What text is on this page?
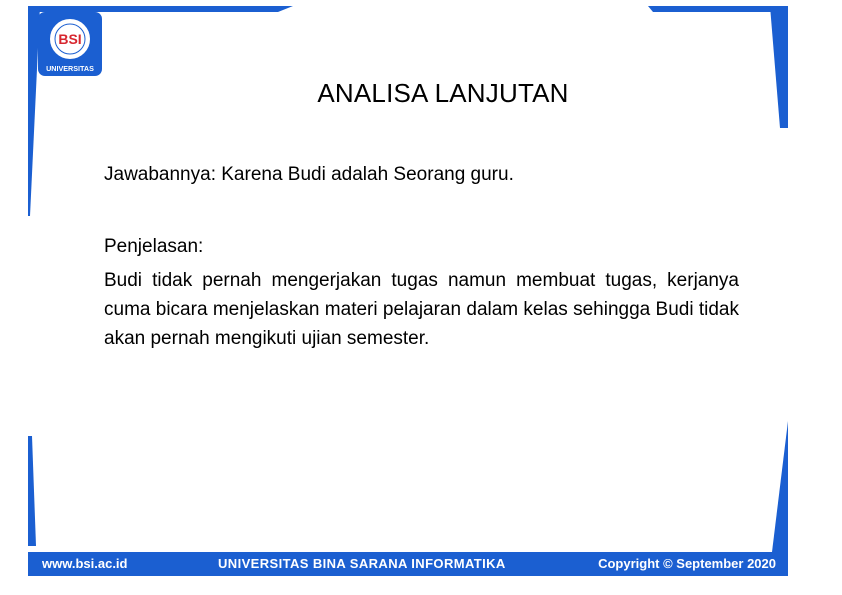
BSI
UNIVERSITAS
ANALISA LANJUTAN
Jawabannya: Karena Budi adalah Seorang guru.
Penjelasan:
Budi tidak pernah mengerjakan tugas namun membuat tugas, kerjanya cuma bicara menjelaskan materi pelajaran dalam kelas sehingga Budi tidak akan pernah mengikuti ujian semester.
www.bsi.ac.id	UNIVERSITAS BINA SARANA INFORMATIKA	Copyright © September 2020
